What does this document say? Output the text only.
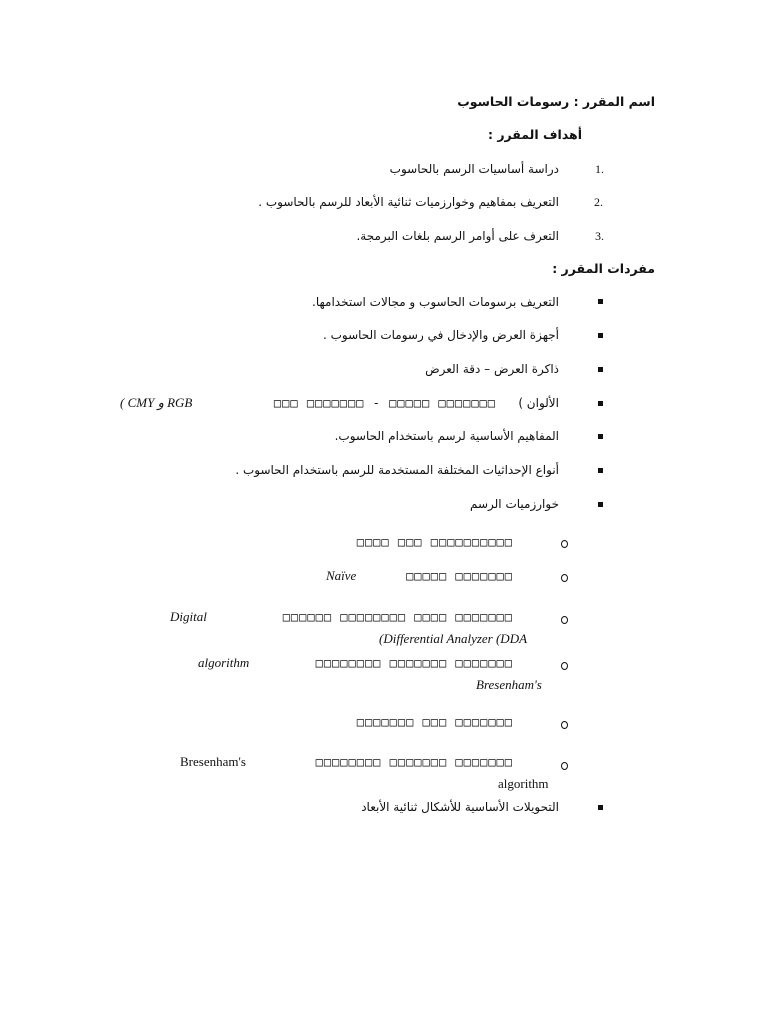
اسم المقرر : رسومات الحاسوب
أهداف المقرر :
دراسة أساسيات الرسم بالحاسوب	1.
التعريف بمفاهيم وخوارزميات ثنائية الأبعاد للرسم بالحاسوب .	2.
التعرف على أوامر الرسم بلغات البرمجة.	3.
مفردات المقرر :
التعريف برسومات الحاسوب و مجالات استخدامها.
أجهزة العرض والإدخال في رسومات الحاسوب .
ذاكرة العرض – دقة العرض
الألوان )
□□□ □□□□□□□ - □□□□□ □□□□□□□
( CMY و RGB
المفاهيم الأساسية لرسم باستخدام الحاسوب.
أنواع الإحداثيات المختلفة المستخدمة للرسم باستخدام الحاسوب .
خوارزميات الرسم
□□□□ □□□ □□□□□□□□□□
□□□□□ □□□□□□□
Naïve
□□□□□□ □□□□□□□□ □□□□ □□□□□□□
Digital
(Differential Analyzer (DDA
□□□□□□□□ □□□□□□□ □□□□□□□
algorithm
Bresenham's
□□□□□□□ □□□ □□□□□□□
□□□□□□□□ □□□□□□□ □□□□□□□
Bresenham's
algorithm
التحويلات الأساسية للأشكال ثنائية الأبعاد
